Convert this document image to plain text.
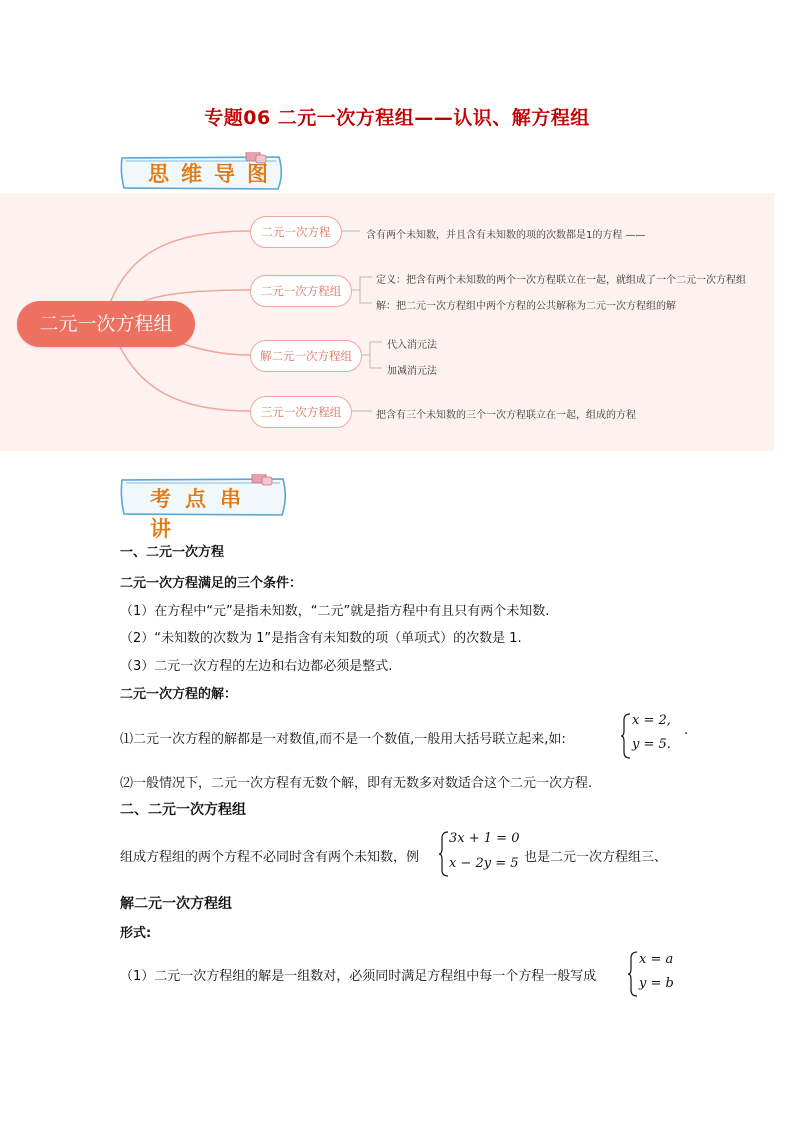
专题06 二元一次方程组——认识、解方程组
思维导图
二元一次方程组
二元一次方程	含有两个未知数，并且含有未知数的项的次数都是1的方程 ——
二元一次方程组
定义：把含有两个未知数的两个一次方程联立在一起，就组成了一个二元一次方程组
解：把二元一次方程组中两个方程的公共解称为二元一次方程组的解
解二元一次方程组
代入消元法
加减消元法
三元一次方程组	把含有三个未知数的三个一次方程联立在一起，组成的方程
考点串讲
一、二元一次方程
二元一次方程满足的三个条件：
（1）在方程中“元”是指未知数，“二元”就是指方程中有且只有两个未知数.
（2）“未知数的次数为 1”是指含有未知数的项（单项式）的次数是 1.
（3）二元一次方程的左边和右边都必须是整式.
二元一次方程的解：
⑴二元一次方程的解都是一对数值,而不是一个数值,一般用大括号联立起来,如:
x = 2,
y = 5.
.
⑵一般情况下，二元一次方程有无数个解，即有无数多对数适合这个二元一次方程.
二、二元一次方程组
组成方程组的两个方程不必同时含有两个未知数，例
3x + 1 = 0
x − 2y = 5 也是二元一次方程组三、
解二元一次方程组
形式:
（1）二元一次方程组的解是一组数对，必须同时满足方程组中每一个方程一般写成
x = a
y = b
